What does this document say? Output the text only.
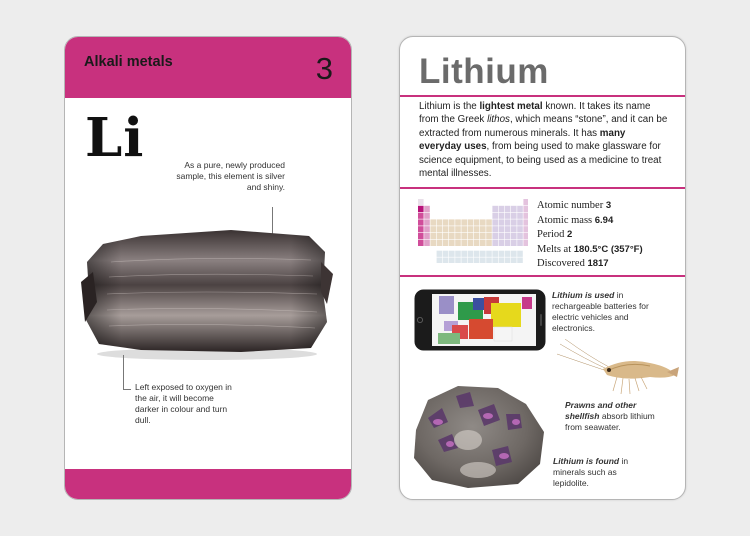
Alkali metals	3
Li	As a pure, newly produced sample, this element is silver and shiny.
Left exposed to oxygen in the air, it will become darker in colour and turn dull.
Lithium
Lithium is the lightest metal known. It takes its name from the Greek lithos, which means “stone”, and it can be extracted from numerous minerals. It has many everyday uses, from being used to make glassware for science equipment, to being used as a medicine to treat mental illnesses.
Atomic number 3
Atomic mass 6.94
Period 2
Melts at 180.5°C (357°F)
Discovered 1817
Lithium is used in rechargeable batteries for electric vehicles and electronics.
Prawns and other shellfish absorb lithium from seawater.
Lithium is found in minerals such as lepidolite.
